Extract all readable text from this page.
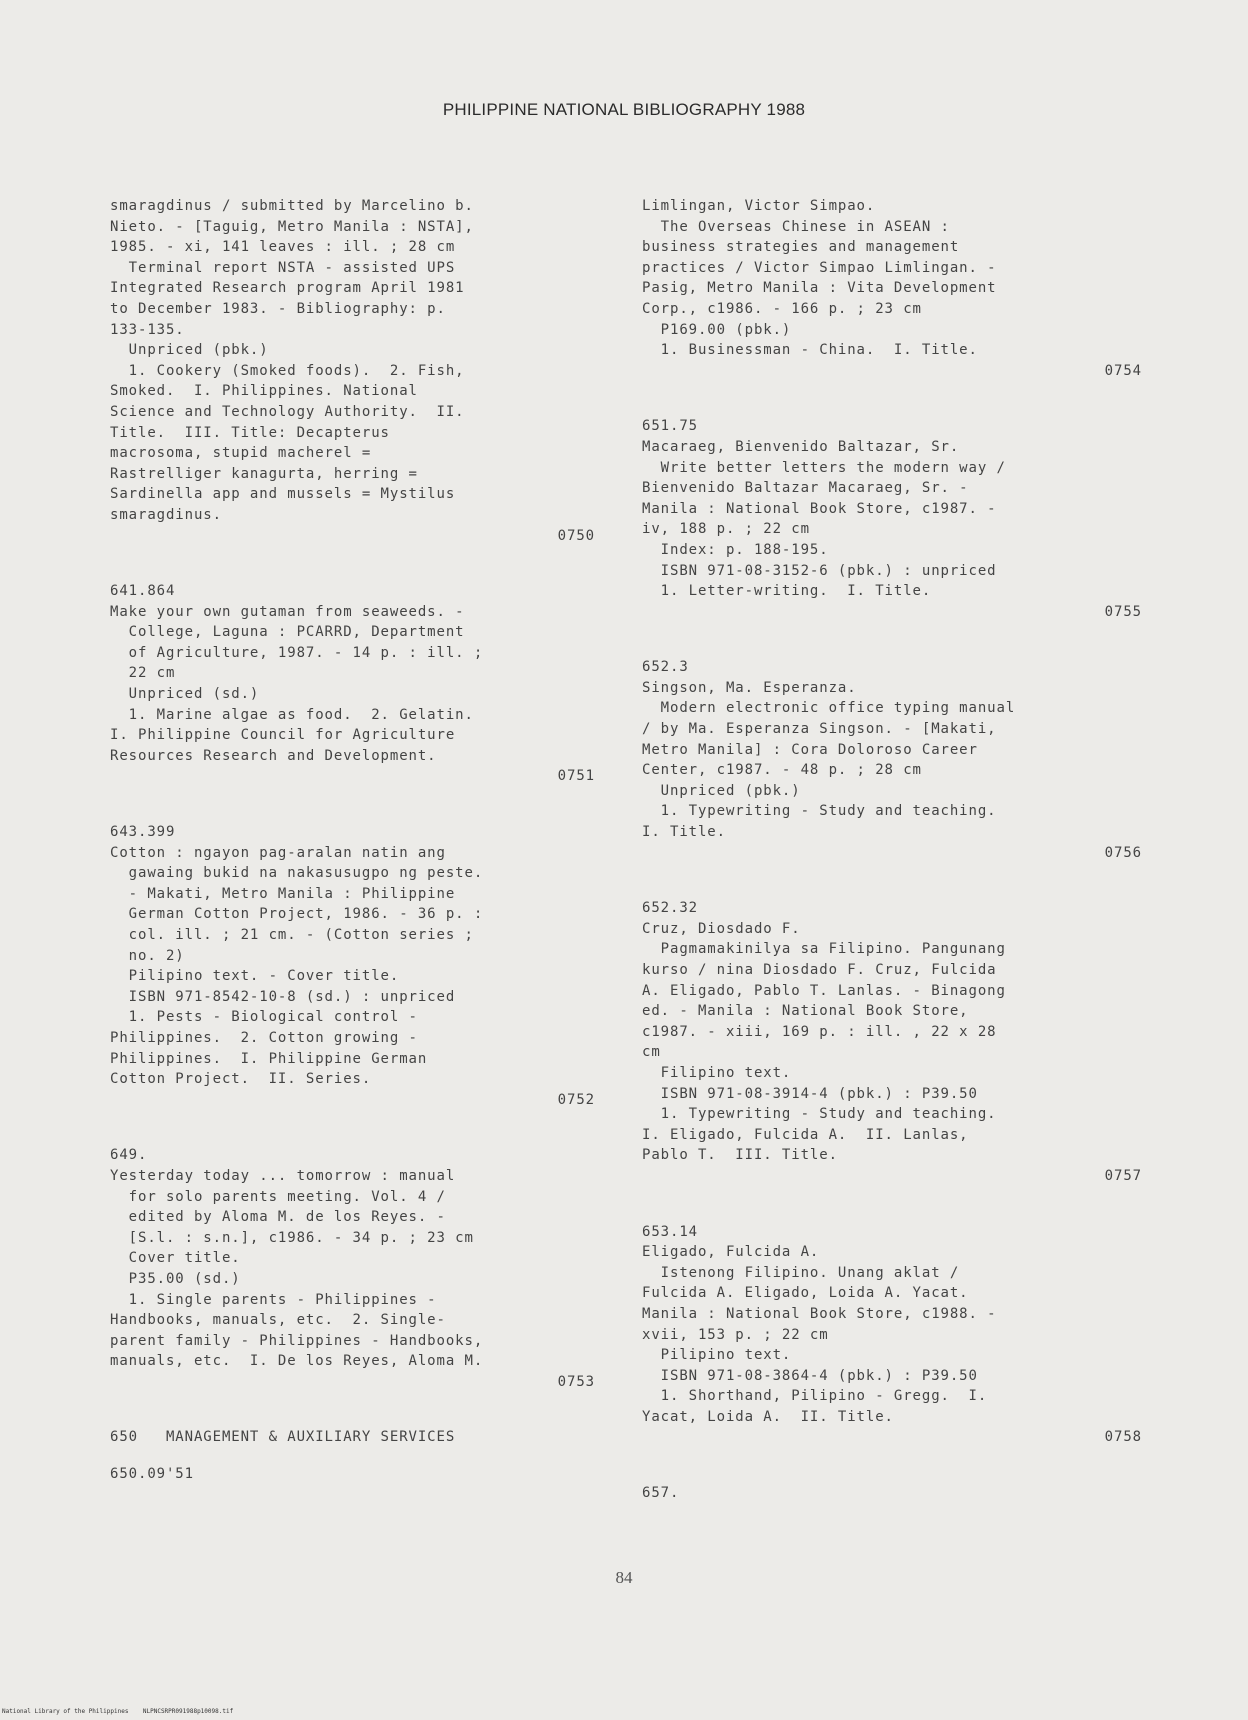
PHILIPPINE NATIONAL BIBLIOGRAPHY 1988
smaragdinus / submitted by Marcelino b.
Nieto. - [Taguig, Metro Manila : NSTA],
1985. - xi, 141 leaves : ill. ; 28 cm
Terminal report NSTA - assisted UPS
Integrated Research program April 1981
to December 1983. - Bibliography: p.
133-135.
Unpriced (pbk.)
1. Cookery (Smoked foods).  2. Fish,
Smoked.  I. Philippines. National
Science and Technology Authority.  II.
Title.  III. Title: Decapterus
macrosoma, stupid macherel =
Rastrelliger kanagurta, herring =
Sardinella app and mussels = Mystilus
smaragdinus.
0750
641.864
Make your own gutaman from seaweeds. -
College, Laguna : PCARRD, Department
of Agriculture, 1987. - 14 p. : ill. ;
22 cm
Unpriced (sd.)
1. Marine algae as food.  2. Gelatin.
I. Philippine Council for Agriculture
Resources Research and Development.
0751
643.399
Cotton : ngayon pag-aralan natin ang
gawaing bukid na nakasusugpo ng peste.
- Makati, Metro Manila : Philippine
German Cotton Project, 1986. - 36 p. :
col. ill. ; 21 cm. - (Cotton series ;
no. 2)
Pilipino text. - Cover title.
ISBN 971-8542-10-8 (sd.) : unpriced
1. Pests - Biological control -
Philippines.  2. Cotton growing -
Philippines.  I. Philippine German
Cotton Project.  II. Series.
0752
649.
Yesterday today ... tomorrow : manual
for solo parents meeting. Vol. 4 /
edited by Aloma M. de los Reyes. -
[S.l. : s.n.], c1986. - 34 p. ; 23 cm
Cover title.
P35.00 (sd.)
1. Single parents - Philippines -
Handbooks, manuals, etc.  2. Single-
parent family - Philippines - Handbooks,
manuals, etc.  I. De los Reyes, Aloma M.
0753
650   MANAGEMENT & AUXILIARY SERVICES
650.09'51
Limlingan, Victor Simpao.
The Overseas Chinese in ASEAN :
business strategies and management
practices / Victor Simpao Limlingan. -
Pasig, Metro Manila : Vita Development
Corp., c1986. - 166 p. ; 23 cm
P169.00 (pbk.)
1. Businessman - China.  I. Title.
0754
651.75
Macaraeg, Bienvenido Baltazar, Sr.
Write better letters the modern way /
Bienvenido Baltazar Macaraeg, Sr. -
Manila : National Book Store, c1987. -
iv, 188 p. ; 22 cm
Index: p. 188-195.
ISBN 971-08-3152-6 (pbk.) : unpriced
1. Letter-writing.  I. Title.
0755
652.3
Singson, Ma. Esperanza.
Modern electronic office typing manual
/ by Ma. Esperanza Singson. - [Makati,
Metro Manila] : Cora Doloroso Career
Center, c1987. - 48 p. ; 28 cm
Unpriced (pbk.)
1. Typewriting - Study and teaching.
I. Title.
0756
652.32
Cruz, Diosdado F.
Pagmamakinilya sa Filipino. Pangunang
kurso / nina Diosdado F. Cruz, Fulcida
A. Eligado, Pablo T. Lanlas. - Binagong
ed. - Manila : National Book Store,
c1987. - xiii, 169 p. : ill. , 22 x 28
cm
Filipino text.
ISBN 971-08-3914-4 (pbk.) : P39.50
1. Typewriting - Study and teaching.
I. Eligado, Fulcida A.  II. Lanlas,
Pablo T.  III. Title.
0757
653.14
Eligado, Fulcida A.
Istenong Filipino. Unang aklat /
Fulcida A. Eligado, Loida A. Yacat.
Manila : National Book Store, c1988. -
xvii, 153 p. ; 22 cm
Pilipino text.
ISBN 971-08-3864-4 (pbk.) : P39.50
1. Shorthand, Pilipino - Gregg.  I.
Yacat, Loida A.  II. Title.
0758
657.
84
National Library of the Philippines    NLPNCSRPR091988p10098.tif
